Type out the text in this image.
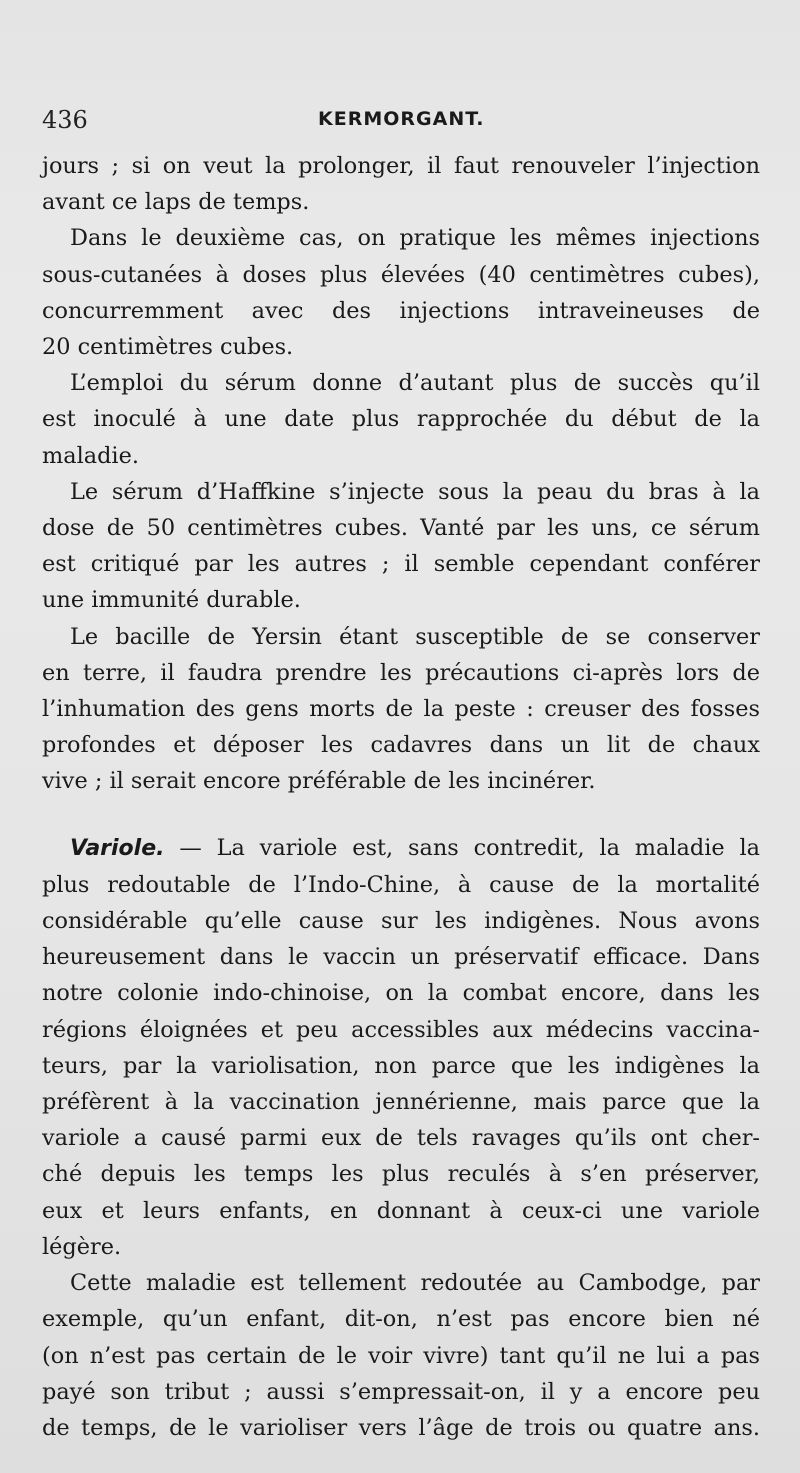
436	KERMORGANT.

jours ; si on veut la prolonger, il faut renouveler l’injection
avant ce laps de temps.

Dans le deuxième cas, on pratique les mêmes injections
sous-cutanées à doses plus élevées (40 centimètres cubes),
concurremment avec des injections intraveineuses de
20 centimètres cubes.

L’emploi du sérum donne d’autant plus de succès qu’il
est inoculé à une date plus rapprochée du début de la
maladie.

Le sérum d’Haffkine s’injecte sous la peau du bras à la
dose de 50 centimètres cubes. Vanté par les uns, ce sérum
est critiqué par les autres ; il semble cependant conférer
une immunité durable.

Le bacille de Yersin étant susceptible de se conserver
en terre, il faudra prendre les précautions ci-après lors de
l’inhumation des gens morts de la peste : creuser des fosses
profondes et déposer les cadavres dans un lit de chaux
vive ; il serait encore préférable de les incinérer.

Variole. — La variole est, sans contredit, la maladie la
plus redoutable de l’Indo-Chine, à cause de la mortalité
considérable qu’elle cause sur les indigènes. Nous avons
heureusement dans le vaccin un préservatif efficace. Dans
notre colonie indo-chinoise, on la combat encore, dans les
régions éloignées et peu accessibles aux médecins vaccina-
teurs, par la variolisation, non parce que les indigènes la
préfèrent à la vaccination jennérienne, mais parce que la
variole a causé parmi eux de tels ravages qu’ils ont cher-
ché depuis les temps les plus reculés à s’en préserver,
eux et leurs enfants, en donnant à ceux-ci une variole
légère.

Cette maladie est tellement redoutée au Cambodge, par
exemple, qu’un enfant, dit-on, n’est pas encore bien né
(on n’est pas certain de le voir vivre) tant qu’il ne lui a pas
payé son tribut ; aussi s’empressait-on, il y a encore peu
de temps, de le varioliser vers l’âge de trois ou quatre ans.
